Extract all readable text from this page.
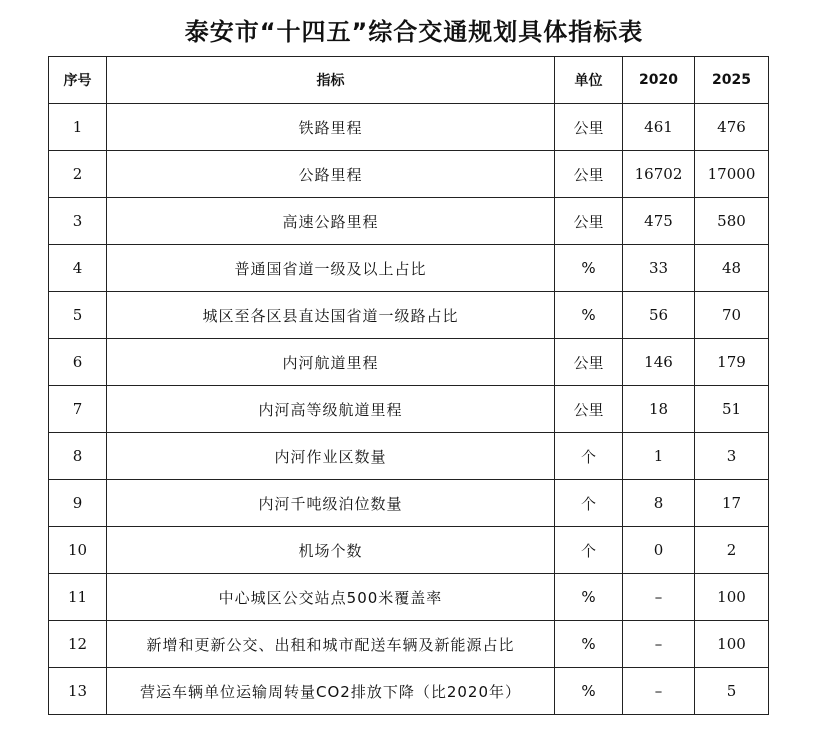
泰安市“十四五”综合交通规划具体指标表
序号	指标	单位	2020	2025
1	铁路里程	公里	461	476
2	公路里程	公里	16702	17000
3	高速公路里程	公里	475	580
4	普通国省道一级及以上占比	%	33	48
5	城区至各区县直达国省道一级路占比	%	56	70
6	内河航道里程	公里	146	179
7	内河高等级航道里程	公里	18	51
8	内河作业区数量	个	1	3
9	内河千吨级泊位数量	个	8	17
10	机场个数	个	0	2
11	中心城区公交站点500米覆盖率	%	–	100
12	新增和更新公交、出租和城市配送车辆及新能源占比	%	–	100
13	营运车辆单位运输周转量CO2排放下降（比2020年）	%	–	5
